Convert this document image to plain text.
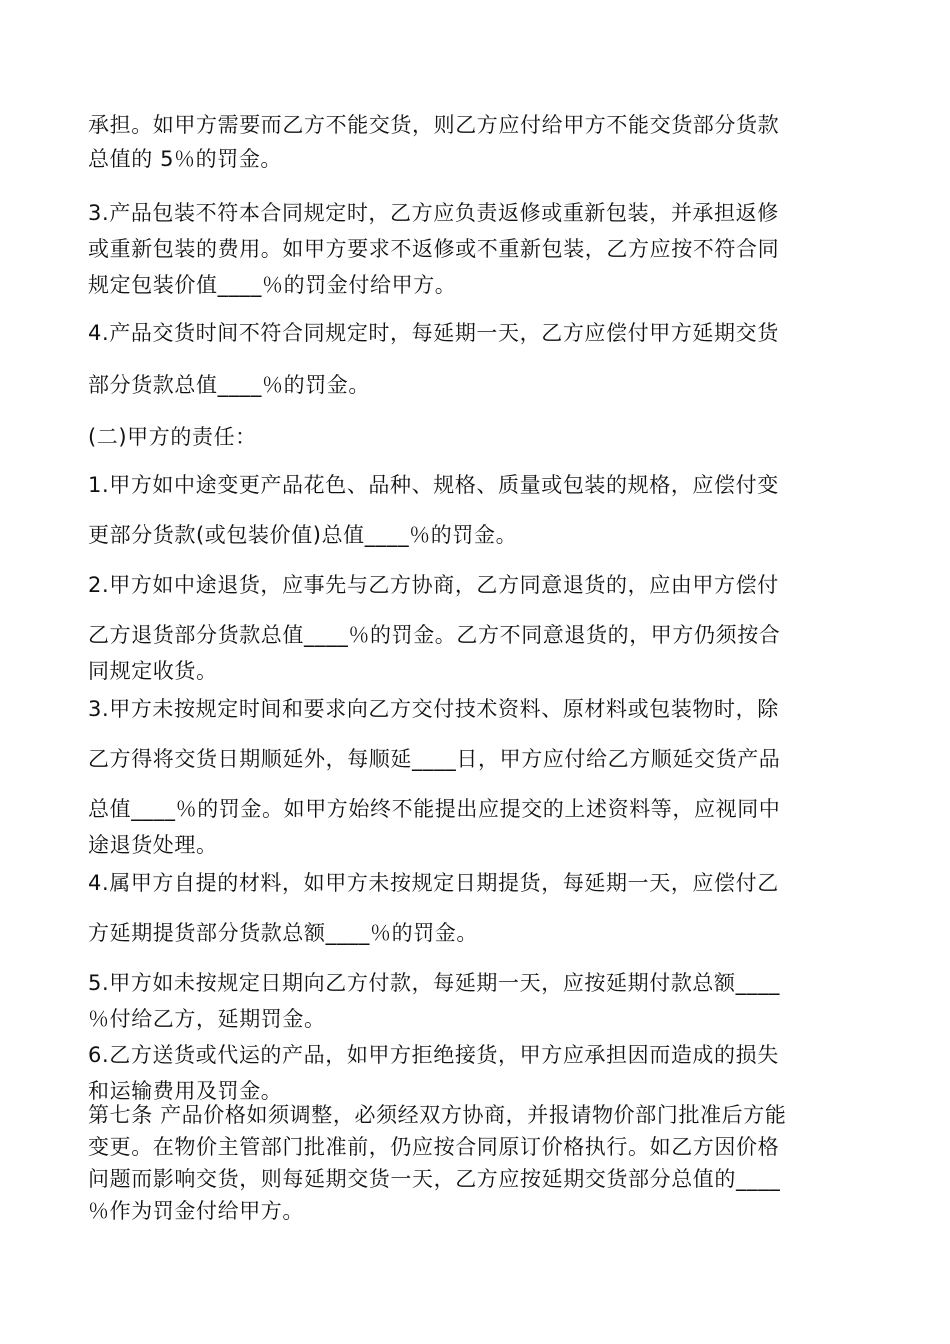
承担。如甲方需要而乙方不能交货，则乙方应付给甲方不能交货部分货款
总值的 5％的罚金。
3.产品包装不符本合同规定时，乙方应负责返修或重新包装，并承担返修
或重新包装的费用。如甲方要求不返修或不重新包装，乙方应按不符合同
规定包装价值____％的罚金付给甲方。
4.产品交货时间不符合同规定时，每延期一天，乙方应偿付甲方延期交货
部分货款总值____％的罚金。
(二)甲方的责任：
1.甲方如中途变更产品花色、品种、规格、质量或包装的规格，应偿付变
更部分货款(或包装价值)总值____％的罚金。
2.甲方如中途退货，应事先与乙方协商，乙方同意退货的，应由甲方偿付
乙方退货部分货款总值____％的罚金。乙方不同意退货的，甲方仍须按合
同规定收货。
3.甲方未按规定时间和要求向乙方交付技术资料、原材料或包装物时，除
乙方得将交货日期顺延外，每顺延____日，甲方应付给乙方顺延交货产品
总值____％的罚金。如甲方始终不能提出应提交的上述资料等，应视同中
途退货处理。
4.属甲方自提的材料，如甲方未按规定日期提货，每延期一天，应偿付乙
方延期提货部分货款总额____％的罚金。
5.甲方如未按规定日期向乙方付款，每延期一天，应按延期付款总额____
％付给乙方，延期罚金。
6.乙方送货或代运的产品，如甲方拒绝接货，甲方应承担因而造成的损失
和运输费用及罚金。
第七条 产品价格如须调整，必须经双方协商，并报请物价部门批准后方能
变更。在物价主管部门批准前，仍应按合同原订价格执行。如乙方因价格
问题而影响交货，则每延期交货一天，乙方应按延期交货部分总值的____
％作为罚金付给甲方。
